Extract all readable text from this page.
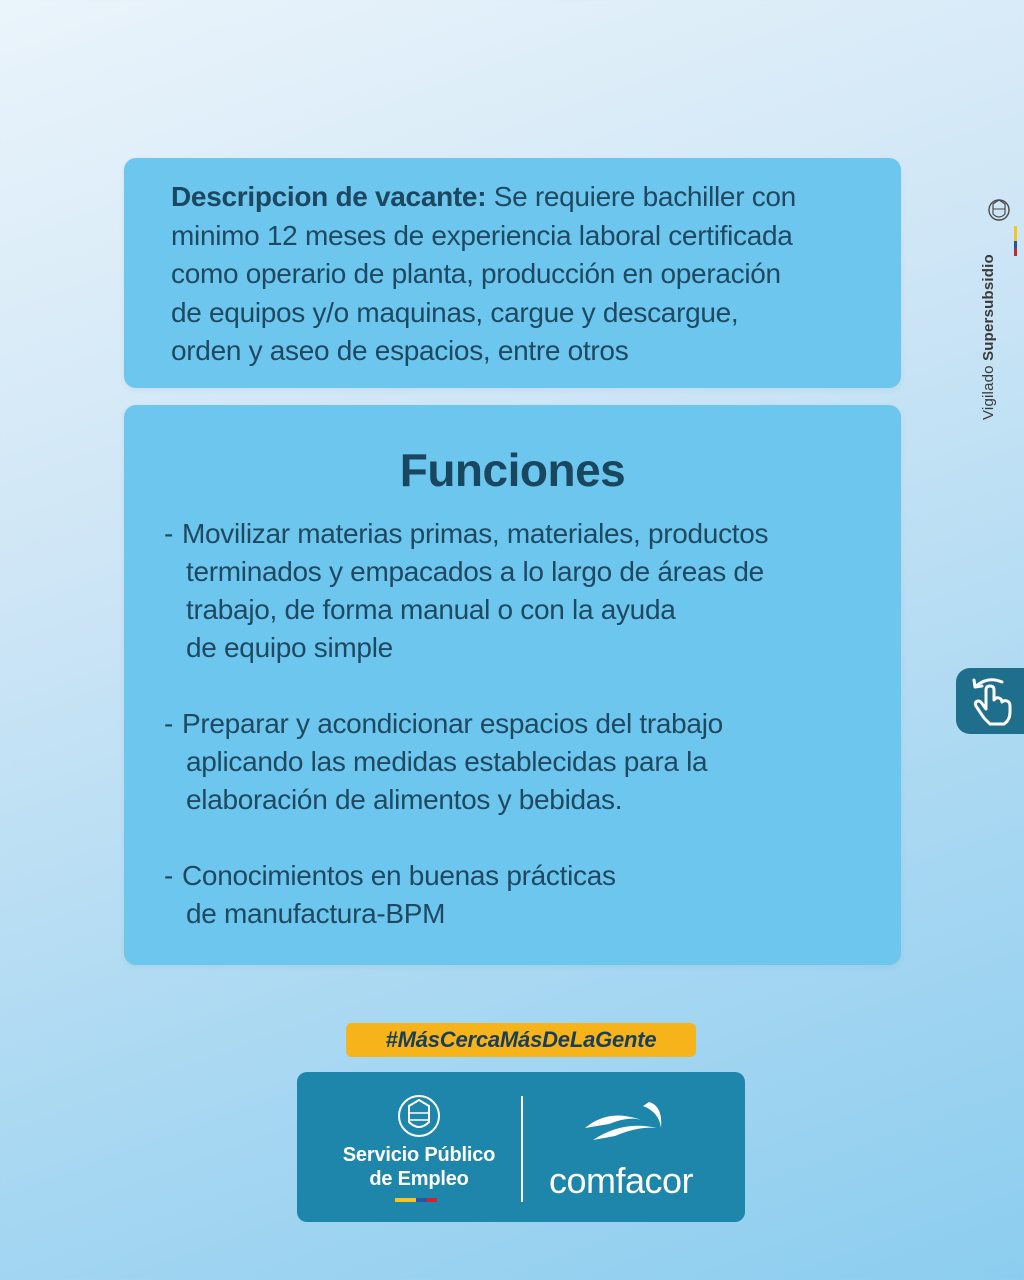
Descripcion de vacante: Se requiere bachiller con
minimo 12 meses de experiencia laboral certificada
como operario de planta, producción en operación
de equipos y/o maquinas, cargue y descargue,
orden y aseo de espacios, entre otros

Funciones
- Movilizar materias primas, materiales, productos
terminados y empacados a lo largo de áreas de
trabajo, de forma manual o con la ayuda
de equipo simple
- Preparar y acondicionar espacios del trabajo
aplicando las medidas establecidas para la
elaboración de alimentos y bebidas.
- Conocimientos en buenas prácticas
de manufactura-BPM
Vigilado Supersubsidio
#MásCercaMásDeLaGente
Servicio Público
de Empleo	comfacor
